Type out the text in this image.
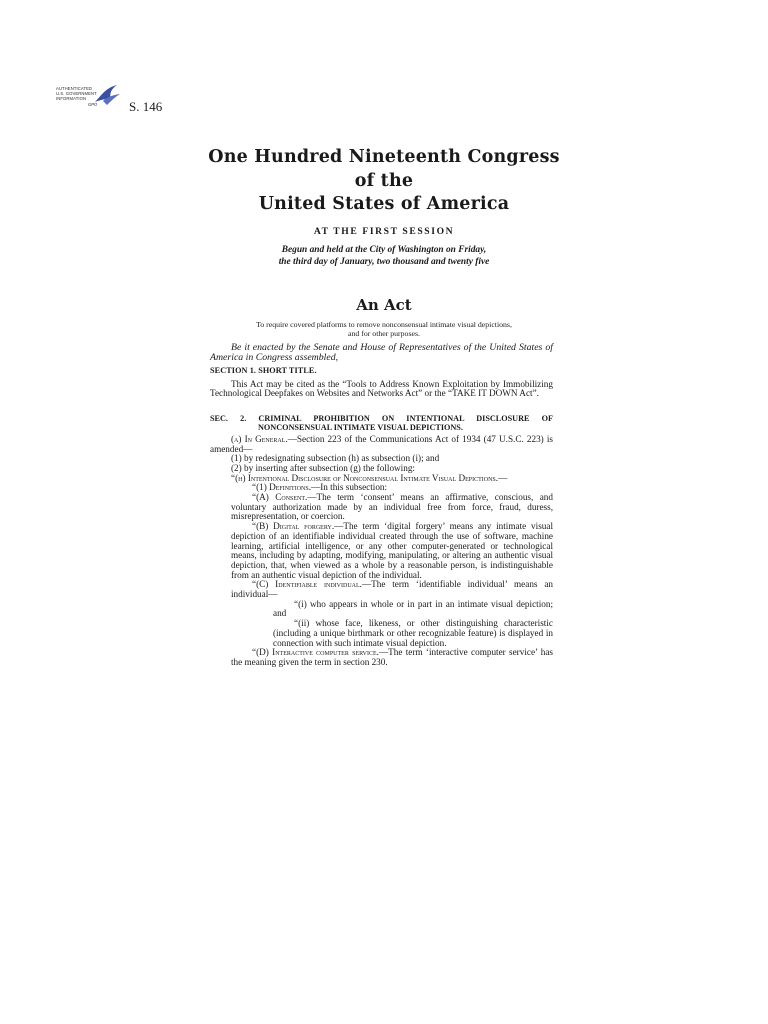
AUTHENTICATED
U.S. GOVERNMENT
INFORMATION
GPO S. 146
One Hundred Nineteenth Congress
of the
United States of America
AT THE FIRST SESSION
Begun and held at the City of Washington on Friday,
the third day of January, two thousand and twenty five
An Act
To require covered platforms to remove nonconsensual intimate visual depictions,
and for other purposes.

Be it enacted by the Senate and House of Representatives of the United States of America in Congress assembled,

SECTION 1. SHORT TITLE.

This Act may be cited as the “Tools to Address Known Exploitation by Immobilizing Technological Deepfakes on Websites and Networks Act” or the “TAKE IT DOWN Act”.

SEC. 2. CRIMINAL PROHIBITION ON INTENTIONAL DISCLOSURE OF NONCONSENSUAL INTIMATE VISUAL DEPICTIONS.

(a) In General.—Section 223 of the Communications Act of 1934 (47 U.S.C. 223) is amended—

(1) by redesignating subsection (h) as subsection (i); and

(2) by inserting after subsection (g) the following:

“(h) Intentional Disclosure of Nonconsensual Intimate Visual Depictions.—

“(1) Definitions.—In this subsection:

“(A) Consent.—The term ‘consent’ means an affirmative, conscious, and voluntary authorization made by an individual free from force, fraud, duress, misrepresentation, or coercion.

“(B) Digital forgery.—The term ‘digital forgery’ means any intimate visual depiction of an identifiable individual created through the use of software, machine learning, artificial intelligence, or any other computer-generated or technological means, including by adapting, modifying, manipulating, or altering an authentic visual depiction, that, when viewed as a whole by a reasonable person, is indistinguishable from an authentic visual depiction of the individual.

“(C) Identifiable individual.—The term ‘identifiable individual’ means an individual—

“(i) who appears in whole or in part in an intimate visual depiction; and

“(ii) whose face, likeness, or other distinguishing characteristic (including a unique birthmark or other recognizable feature) is displayed in connection with such intimate visual depiction.

“(D) Interactive computer service.—The term ‘interactive computer service’ has the meaning given the term in section 230.
